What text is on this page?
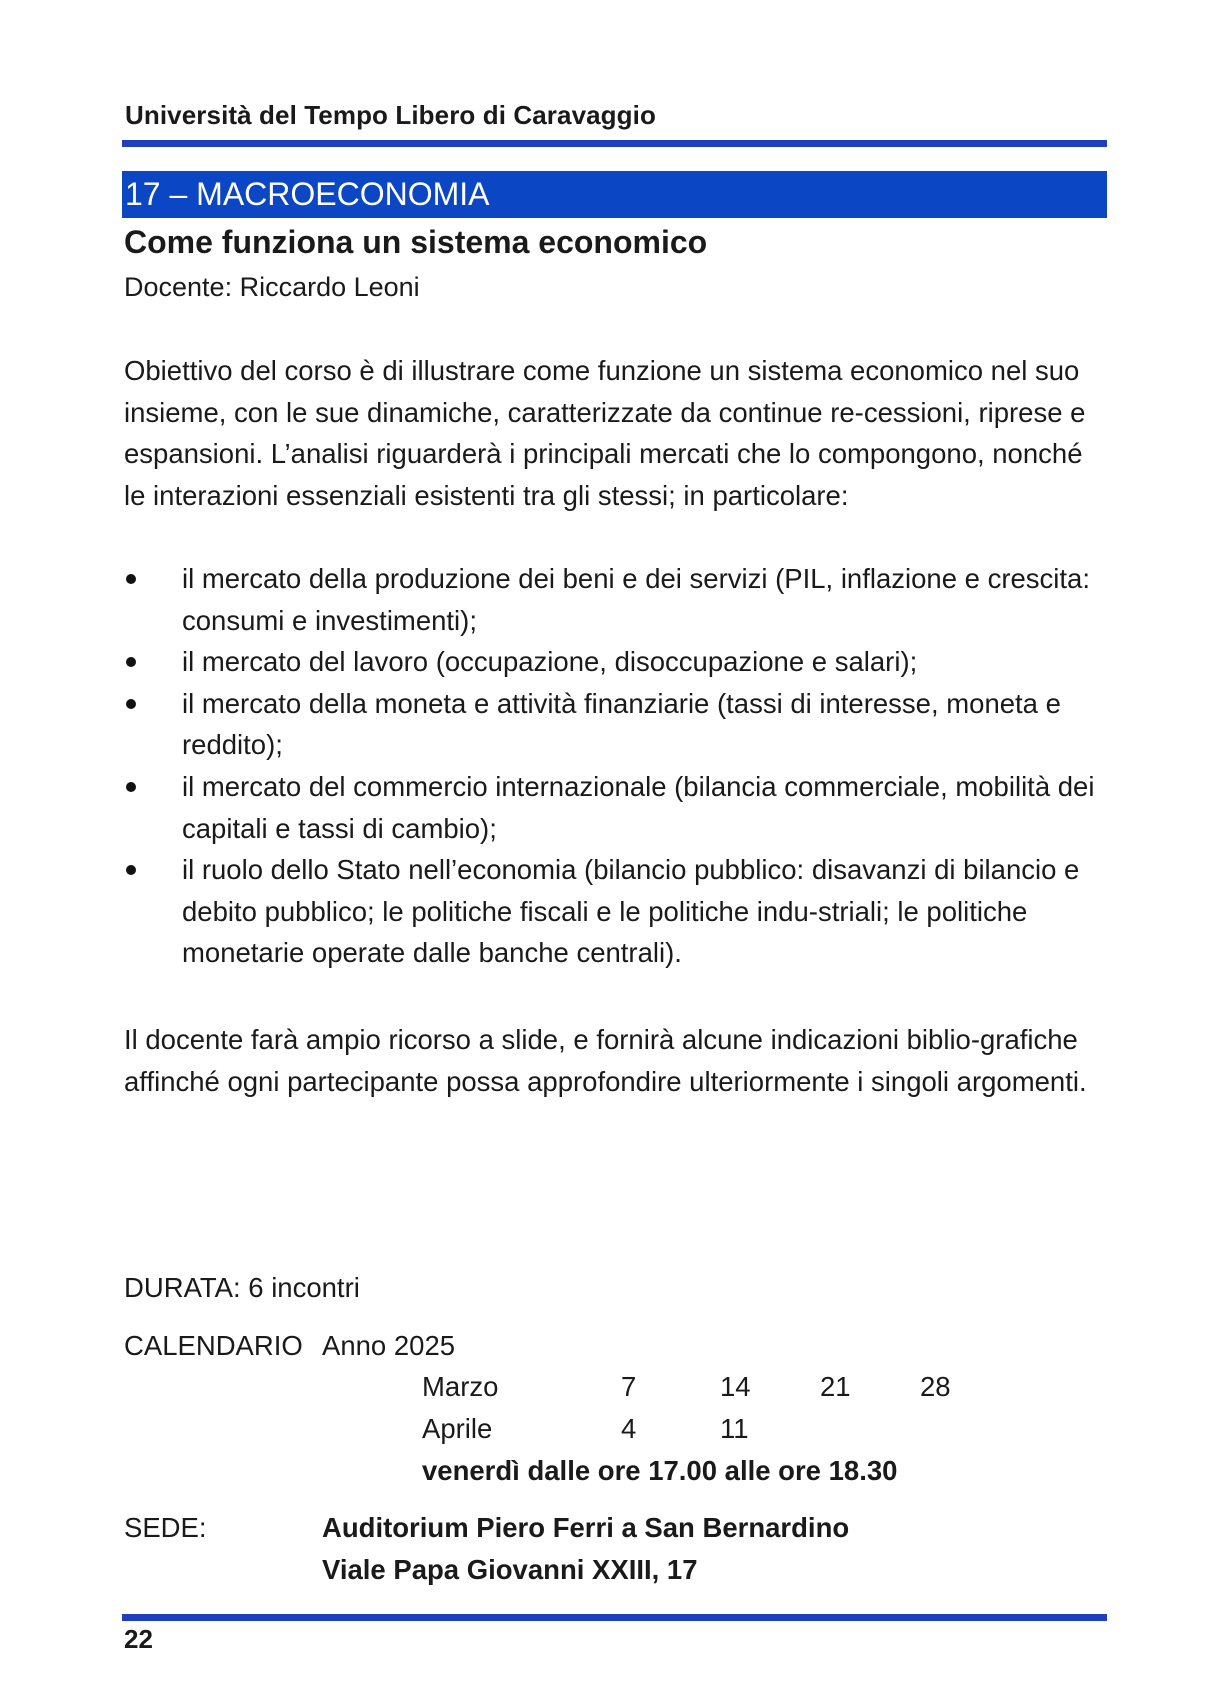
Università del Tempo Libero di Caravaggio
17 – MACROECONOMIA
Come funziona un sistema economico
Docente: Riccardo Leoni
Obiettivo del corso è di illustrare come funzione un sistema economico nel suo insieme, con le sue dinamiche, caratterizzate da continue re-cessioni, riprese e espansioni. L’analisi riguarderà i principali mercati che lo compongono, nonché le interazioni essenziali esistenti tra gli stessi; in particolare:
il mercato della produzione dei beni e dei servizi (PIL, inflazione e crescita: consumi e investimenti);
il mercato del lavoro (occupazione, disoccupazione e salari);
il mercato della moneta e attività finanziarie (tassi di interesse, moneta e reddito);
il mercato del commercio internazionale (bilancia commerciale, mobilità dei capitali e tassi di cambio);
il ruolo dello Stato nell’economia (bilancio pubblico: disavanzi di bilancio e debito pubblico; le politiche fiscali e le politiche indu-striali; le politiche monetarie operate dalle banche centrali).
Il docente farà ampio ricorso a slide, e fornirà alcune indicazioni biblio-grafiche affinché ogni partecipante possa approfondire ulteriormente i singoli argomenti.
DURATA: 6 incontri
CALENDARIO Anno 2025
Marzo	7	14	21	28
Aprile	4	11
venerdì dalle ore 17.00 alle ore 18.30
SEDE:	Auditorium Piero Ferri a San Bernardino
Viale Papa Giovanni XXIII, 17
22
